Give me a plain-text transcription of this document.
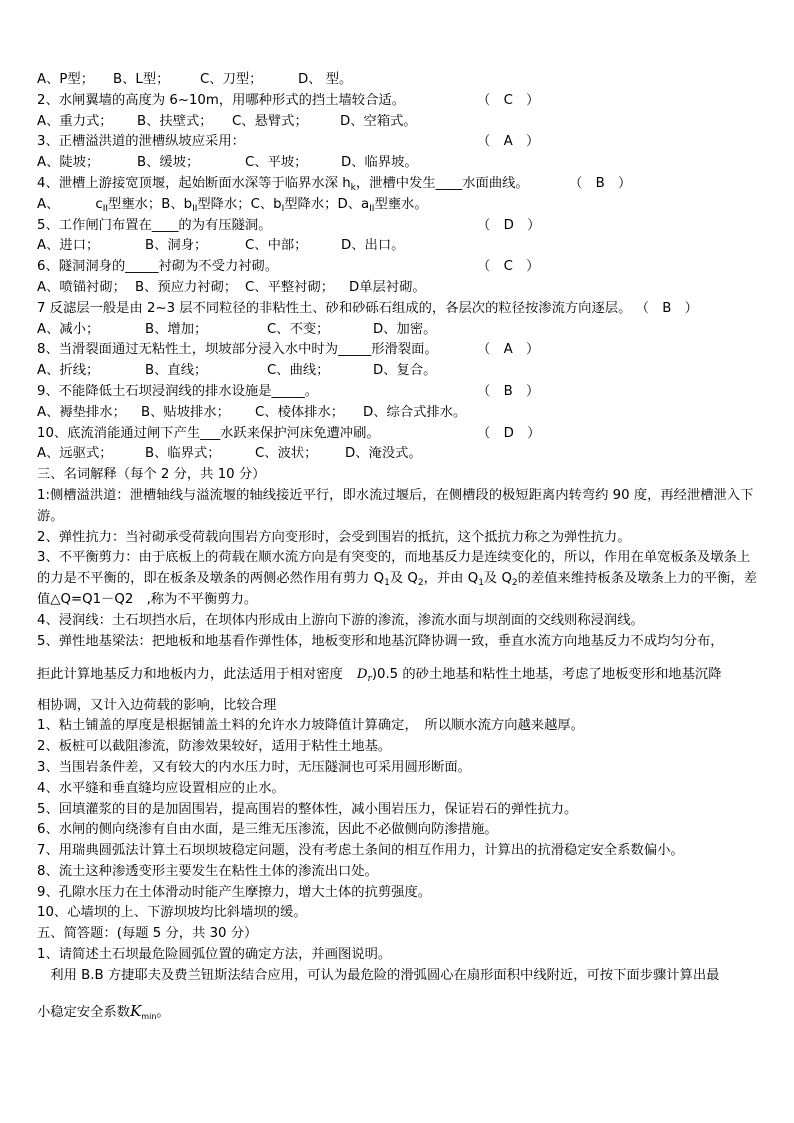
A、P型； B、L型； C、刀型；	D、 型。
2、水闸翼墙的高度为 6~10m，用哪种形式的挡土墙较合适。	（　C　）
A、重力式； B、扶壁式； C、悬臂式； D、空箱式。
3、正槽溢洪道的泄槽纵坡应采用：	（　A　）
A、陡坡；	B、缓坡；	C、平坡；	D、临界坡。
4、泄槽上游接宽顶堰，起始断面水深等于临界水深 $h_k$，泄槽中发生____水面曲线。	（　B　）
A、	$c_{II}$型壅水；B、$b_{II}$型降水；C、$b_I$型降水；D、$a_{II}$型壅水。
5、工作闸门布置在____的为有压隧洞。	（　D　）
A、进口；	B、洞身；	C、中部；	D、出口。
6、隧洞洞身的_____衬砌为不受力衬砌。	（　C　）
A、喷锚衬砌； B、预应力衬砌； C、平整衬砌； D单层衬砌。
7 反滤层一般是由 2~3 层不同粒径的非粘性土、砂和砂砾石组成的，各层次的粒径按渗流方向逐层。 （　B　）
A、减小；	B、增加；	C、不变；	D、加密。
8、当滑裂面通过无粘性土，坝坡部分浸入水中时为_____形滑裂面。	（　A　）
A、折线；	B、直线；	C、曲线；	D、复合。
9、不能降低土石坝浸润线的排水设施是_____。	（　B　）
A、褥垫排水； B、贴坡排水； C、棱体排水； D、综合式排水。
10、底流消能通过闸下产生___水跃来保护河床免遭冲刷。	（　D　）
A、远驱式； B、临界式；	C、波状； D、淹没式。
三、名词解释（每个 2 分，共 10 分）
1:侧槽溢洪道：泄槽轴线与溢流堰的轴线接近平行，即水流过堰后，在侧槽段的极短距离内转弯约 90 度，再经泄槽泄入下游。
2、弹性抗力：当衬砌承受荷载向围岩方向变形时，会受到围岩的抵抗，这个抵抗力称之为弹性抗力。
3、不平衡剪力：由于底板上的荷载在顺水流方向是有突变的，而地基反力是连续变化的，所以，作用在单宽板条及墩条上的力是不平衡的，即在板条及墩条的两侧必然作用有剪力 $Q_1$及 $Q_2$，并由 $Q_1$及 $Q_2$的差值来维持板条及墩条上力的平衡，差值△Q=Q1－Q2　,称为不平衡剪力。
4、浸润线：土石坝挡水后，在坝体内形成由上游向下游的渗流，渗流水面与坝剖面的交线则称浸润线。
5、弹性地基梁法：把地板和地基看作弹性体，地板变形和地基沉降协调一致，垂直水流方向地基反力不成均匀分布，
拒此计算地基反力和地板内力，此法适用于相对密度 $D_r)0.5$ 的砂土地基和粘性土地基，考虑了地板变形和地基沉降
相协调，又计入边荷载的影响，比较合理
1、粘土铺盖的厚度是根据铺盖土料的允许水力坡降值计算确定，　所以顺水流方向越来越厚。
2、板桩可以截阻渗流，防渗效果较好，适用于粘性土地基。
3、当围岩条件差，又有较大的内水压力时，无压隧洞也可采用圆形断面。
4、水平缝和垂直缝均应设置相应的止水。
5、回填灌浆的目的是加固围岩，提高围岩的整体性，减小围岩压力，保证岩石的弹性抗力。
6、水闸的侧向绕渗有自由水面，是三维无压渗流，因此不必做侧向防渗措施。
7、用瑞典圆弧法计算土石坝坝坡稳定问题，没有考虑土条间的相互作用力，计算出的抗滑稳定安全系数偏小。
8、流土这种渗透变形主要发生在粘性土体的渗流出口处。
9、孔隙水压力在土体滑动时能产生摩擦力，增大土体的抗剪强度。
10、心墙坝的上、下游坝坡均比斜墙坝的缓。
五、简答题：(每题 5 分，共 30 分）
1、请简述土石坝最危险圆弧位置的确定方法，并画图说明。
　利用 B.B 方捷耶夫及费兰钮斯法结合应用，可认为最危险的滑弧圆心在扇形面积中线附近，可按下面步骤计算出最
小稳定安全系数$K_{min}$。
